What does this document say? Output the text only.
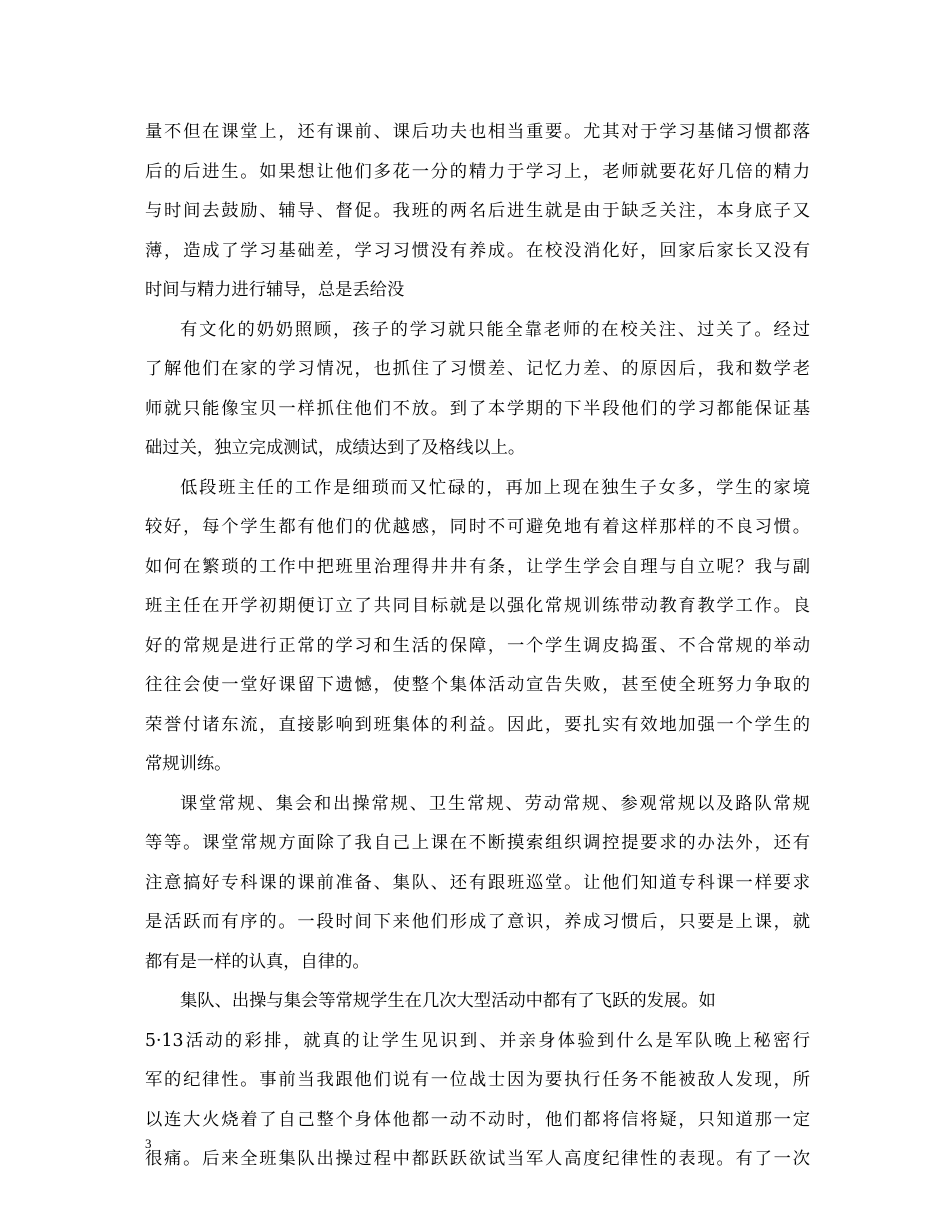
量不但在课堂上，还有课前、课后功夫也相当重要。尤其对于学习基储习惯都落
后的后进生。如果想让他们多花一分的精力于学习上，老师就要花好几倍的精力
与时间去鼓励、辅导、督促。我班的两名后进生就是由于缺乏关注，本身底子又
薄，造成了学习基础差，学习习惯没有养成。在校没消化好，回家后家长又没有
时间与精力进行辅导，总是丢给没
有文化的奶奶照顾，孩子的学习就只能全靠老师的在校关注、过关了。经过
了解他们在家的学习情况，也抓住了习惯差、记忆力差、的原因后，我和数学老
师就只能像宝贝一样抓住他们不放。到了本学期的下半段他们的学习都能保证基
础过关，独立完成测试，成绩达到了及格线以上。
低段班主任的工作是细琐而又忙碌的，再加上现在独生子女多，学生的家境
较好，每个学生都有他们的优越感，同时不可避免地有着这样那样的不良习惯。
如何在繁琐的工作中把班里治理得井井有条，让学生学会自理与自立呢？我与副
班主任在开学初期便订立了共同目标就是以强化常规训练带动教育教学工作。良
好的常规是进行正常的学习和生活的保障，一个学生调皮捣蛋、不合常规的举动
往往会使一堂好课留下遗憾，使整个集体活动宣告失败，甚至使全班努力争取的
荣誉付诸东流，直接影响到班集体的利益。因此，要扎实有效地加强一个学生的
常规训练。
课堂常规、集会和出操常规、卫生常规、劳动常规、参观常规以及路队常规
等等。课堂常规方面除了我自己上课在不断摸索组织调控提要求的办法外，还有
注意搞好专科课的课前准备、集队、还有跟班巡堂。让他们知道专科课一样要求
是活跃而有序的。一段时间下来他们形成了意识，养成习惯后，只要是上课，就
都有是一样的认真，自律的。
集队、出操与集会等常规学生在几次大型活动中都有了飞跃的发展。如
5·13活动的彩排，就真的让学生见识到、并亲身体验到什么是军队晚上秘密行
军的纪律性。事前当我跟他们说有一位战士因为要执行任务不能被敌人发现，所
以连大火烧着了自己整个身体他都一动不动时，他们都将信将疑，只知道那一定
很痛。后来全班集队出操过程中都跃跃欲试当军人高度纪律性的表现。有了一次
3
